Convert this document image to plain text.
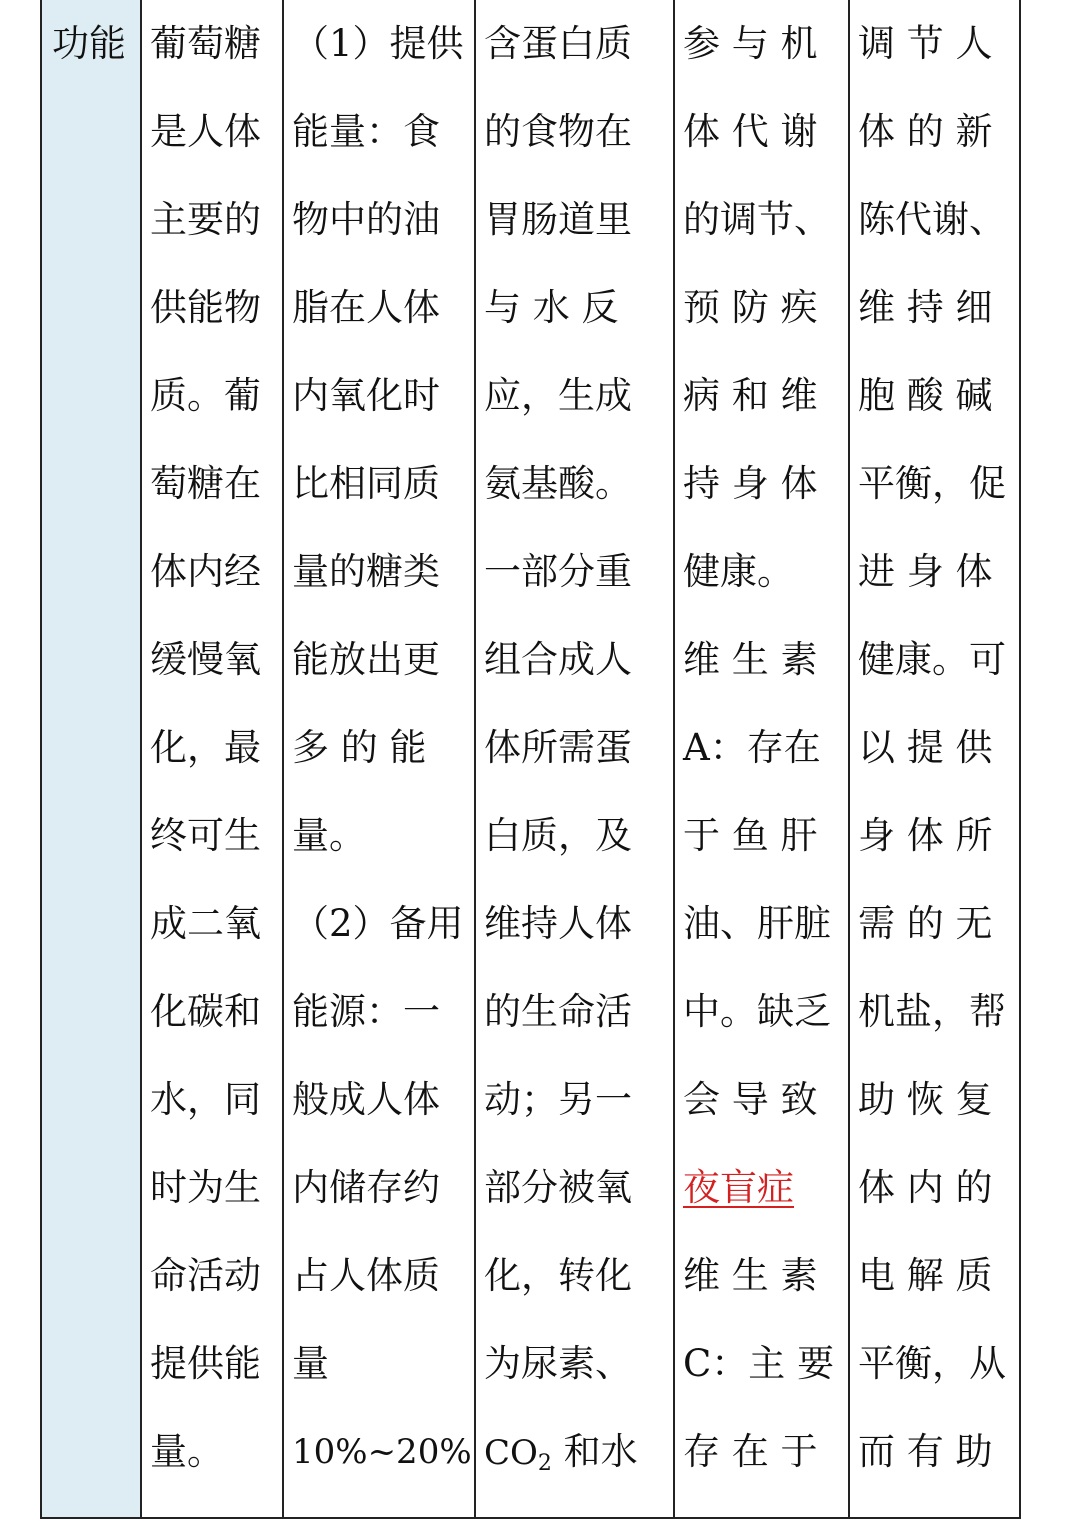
功能 葡萄糖
是人体
主要的
供能物
质。葡
萄糖在
体内经
缓慢氧
化，最
终可生
成二氧
化碳和
水，同
时为生
命活动
提供能
量。
（1）提供
能量：食
物中的油
脂在人体
内氧化时
比相同质
量的糖类
能放出更
多 的 能
量。
（2）备用
能源：一
般成人体
内储存约
占人体质
量
10%~20%
含蛋白质
的食物在
胃肠道里
与 水 反
应，生成
氨基酸。
一部分重
组合成人
体所需蛋
白质，及
维持人体
的生命活
动；另一
部分被氧
化，转化
为尿素、
$CO_2$ 和水
参 与 机
体 代 谢
的调节、
预 防 疾
病 和 维
持 身 体
健康。
维 生 素
A：存在
于 鱼 肝
油、肝脏
中。缺乏
会 导 致
夜盲症
维 生 素
C：主 要
存 在 于
调 节 人
体 的 新
陈代谢、
维 持 细
胞 酸 碱
平衡，促
进 身 体
健康。可
以 提 供
身 体 所
需 的 无
机盐，帮
助 恢 复
体 内 的
电 解 质
平衡，从
而 有 助
